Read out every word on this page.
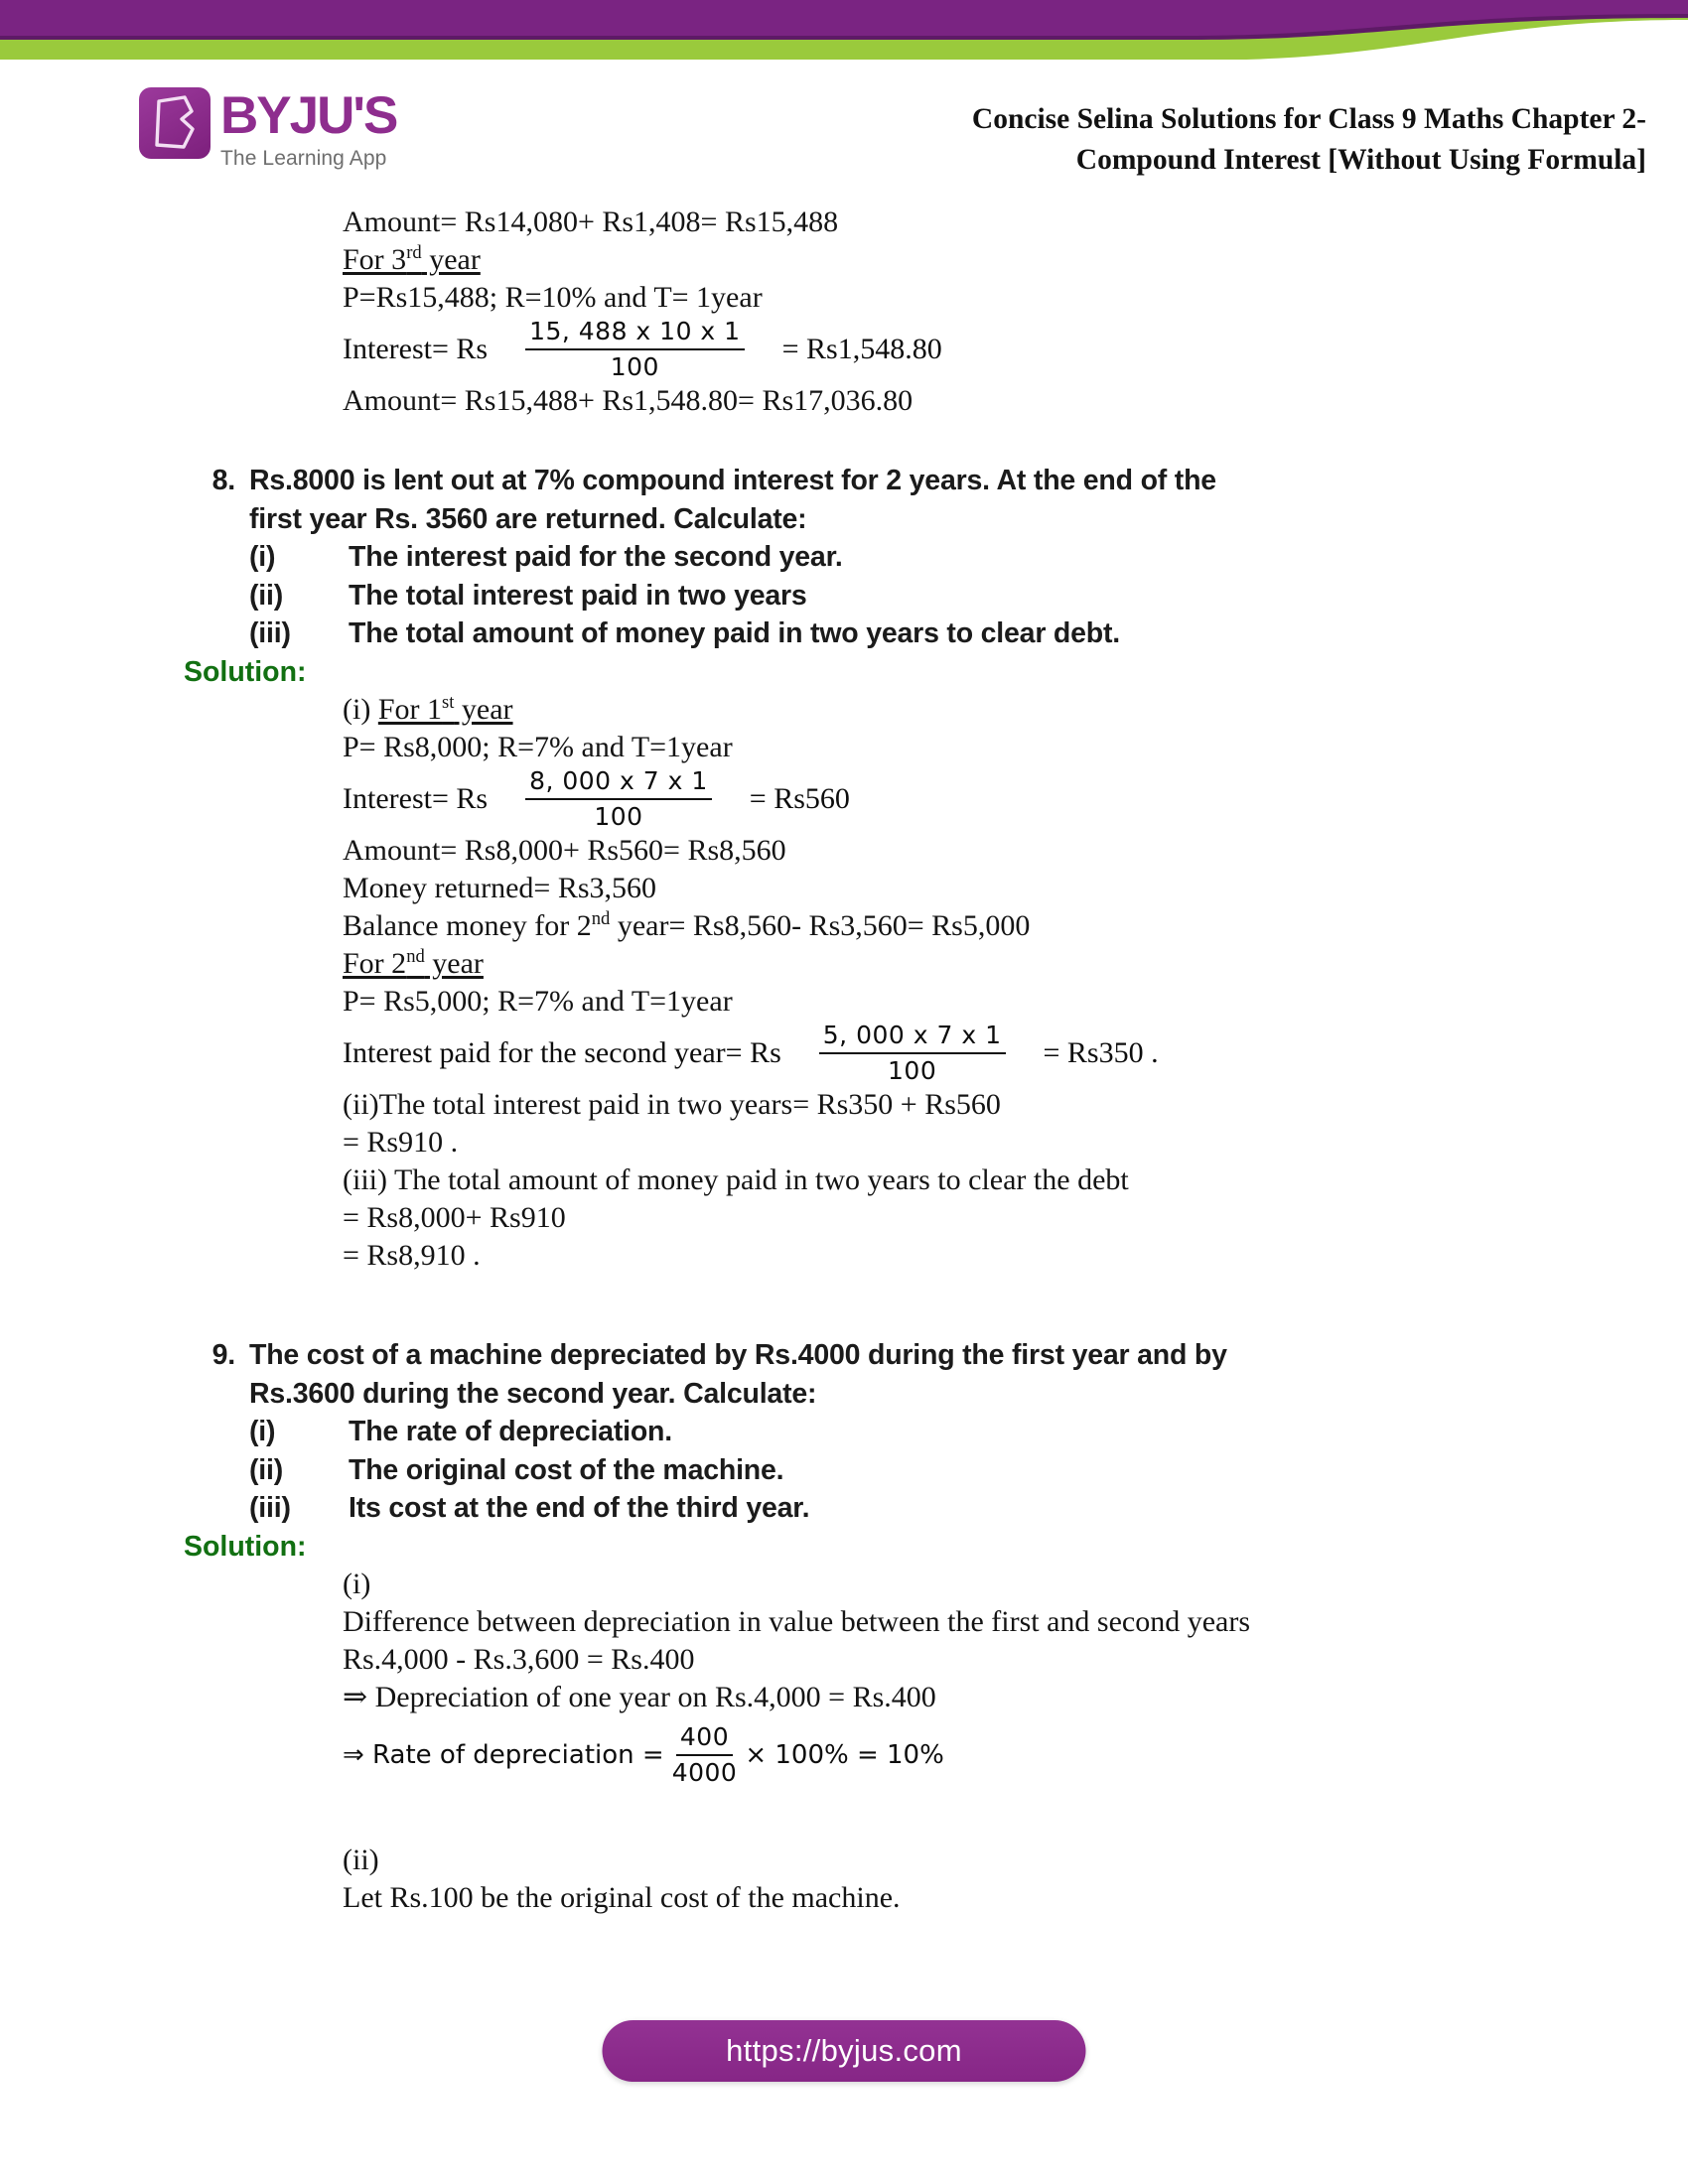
BYJU'S
The Learning App
Concise Selina Solutions for Class 9 Maths Chapter 2-
Compound Interest [Without Using Formula]
Amount= Rs14,080+ Rs1,408= Rs15,488
For 3rd year
P=Rs15,488; R=10% and T= 1year
Interest= Rs $\frac{15, 488 x 10 x 1}{100} = Rs1,548.80$
Amount= Rs15,488+ Rs1,548.80= Rs17,036.80
8. Rs.8000 is lent out at 7% compound interest for 2 years. At the end of the
first year Rs. 3560 are returned. Calculate:
(i)	The interest paid for the second year.
(ii)	The total interest paid in two years
(iii)	The total amount of money paid in two years to clear debt.
Solution:
(i) For 1st year
P= Rs8,000; R=7% and T=1year
Interest= Rs $\frac{8, 000 x 7 x 1}{100} = Rs560$
Amount= Rs8,000+ Rs560= Rs8,560
Money returned= Rs3,560
Balance money for 2nd year= Rs8,560- Rs3,560= Rs5,000
For 2nd year
P= Rs5,000; R=7% and T=1year
Interest paid for the second year= Rs $\frac{5, 000 x 7 x 1}{100} = Rs350$ .
(ii)The total interest paid in two years= Rs350 + Rs560
= Rs910 .
(iii) The total amount of money paid in two years to clear the debt
= Rs8,000+ Rs910
= Rs8,910 .
9. The cost of a machine depreciated by Rs.4000 during the first year and by
Rs.3600 during the second year. Calculate:
(i)	The rate of depreciation.
(ii)	The original cost of the machine.
(iii)	Its cost at the end of the third year.
Solution:
(i)
Difference between depreciation in value between the first and second years
Rs.4,000 - Rs.3,600 = Rs.400
⇒ Depreciation of one year on Rs.4,000 = Rs.400
⇒ Rate of depreciation = $\frac{400}{4000} \times 100\% = 10\%$
(ii)
Let Rs.100 be the original cost of the machine.
https://byjus.com
